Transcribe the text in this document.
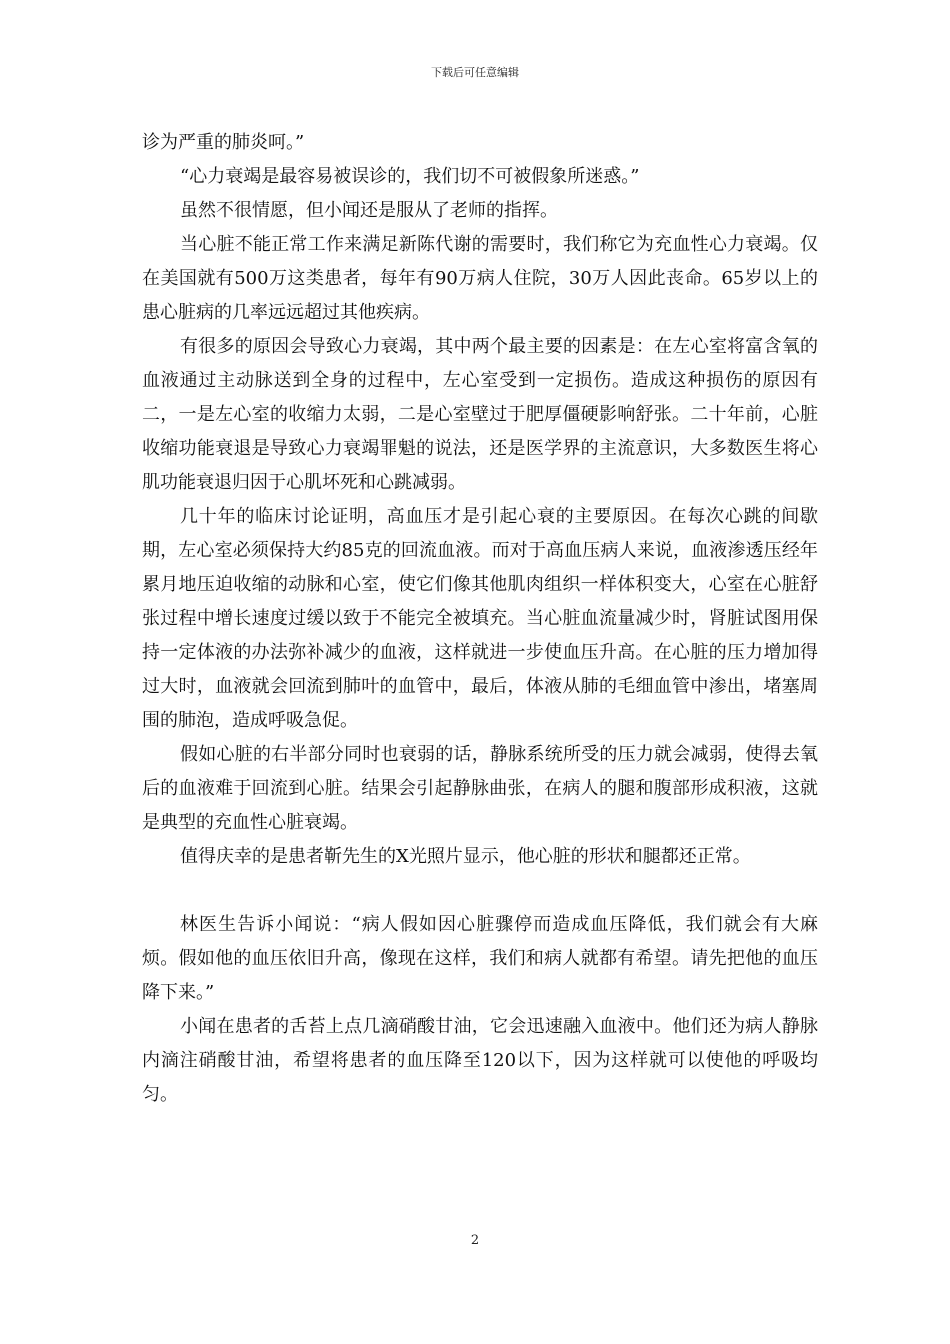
下载后可任意编辑

诊为严重的肺炎呵。”

“心力衰竭是最容易被误诊的，我们切不可被假象所迷惑。”

虽然不很情愿，但小闻还是服从了老师的指挥。

当心脏不能正常工作来满足新陈代谢的需要时，我们称它为充血性心力衰竭。仅在美国就有500万这类患者，每年有90万病人住院，30万人因此丧命。65岁以上的患心脏病的几率远远超过其他疾病。

有很多的原因会导致心力衰竭，其中两个最主要的因素是：在左心室将富含氧的血液通过主动脉送到全身的过程中，左心室受到一定损伤。造成这种损伤的原因有二，一是左心室的收缩力太弱，二是心室壁过于肥厚僵硬影响舒张。二十年前，心脏收缩功能衰退是导致心力衰竭罪魁的说法，还是医学界的主流意识，大多数医生将心肌功能衰退归因于心肌坏死和心跳减弱。

几十年的临床讨论证明，高血压才是引起心衰的主要原因。在每次心跳的间歇期，左心室必须保持大约85克的回流血液。而对于高血压病人来说，血液渗透压经年累月地压迫收缩的动脉和心室，使它们像其他肌肉组织一样体积变大，心室在心脏舒张过程中增长速度过缓以致于不能完全被填充。当心脏血流量减少时，肾脏试图用保持一定体液的办法弥补减少的血液，这样就进一步使血压升高。在心脏的压力增加得过大时，血液就会回流到肺叶的血管中，最后，体液从肺的毛细血管中渗出，堵塞周围的肺泡，造成呼吸急促。

假如心脏的右半部分同时也衰弱的话，静脉系统所受的压力就会减弱，使得去氧后的血液难于回流到心脏。结果会引起静脉曲张，在病人的腿和腹部形成积液，这就是典型的充血性心脏衰竭。

值得庆幸的是患者靳先生的X光照片显示，他心脏的形状和腿都还正常。

林医生告诉小闻说：“病人假如因心脏骤停而造成血压降低，我们就会有大麻烦。假如他的血压依旧升高，像现在这样，我们和病人就都有希望。请先把他的血压降下来。”

小闻在患者的舌苔上点几滴硝酸甘油，它会迅速融入血液中。他们还为病人静脉内滴注硝酸甘油，希望将患者的血压降至120以下，因为这样就可以使他的呼吸均匀。

2
